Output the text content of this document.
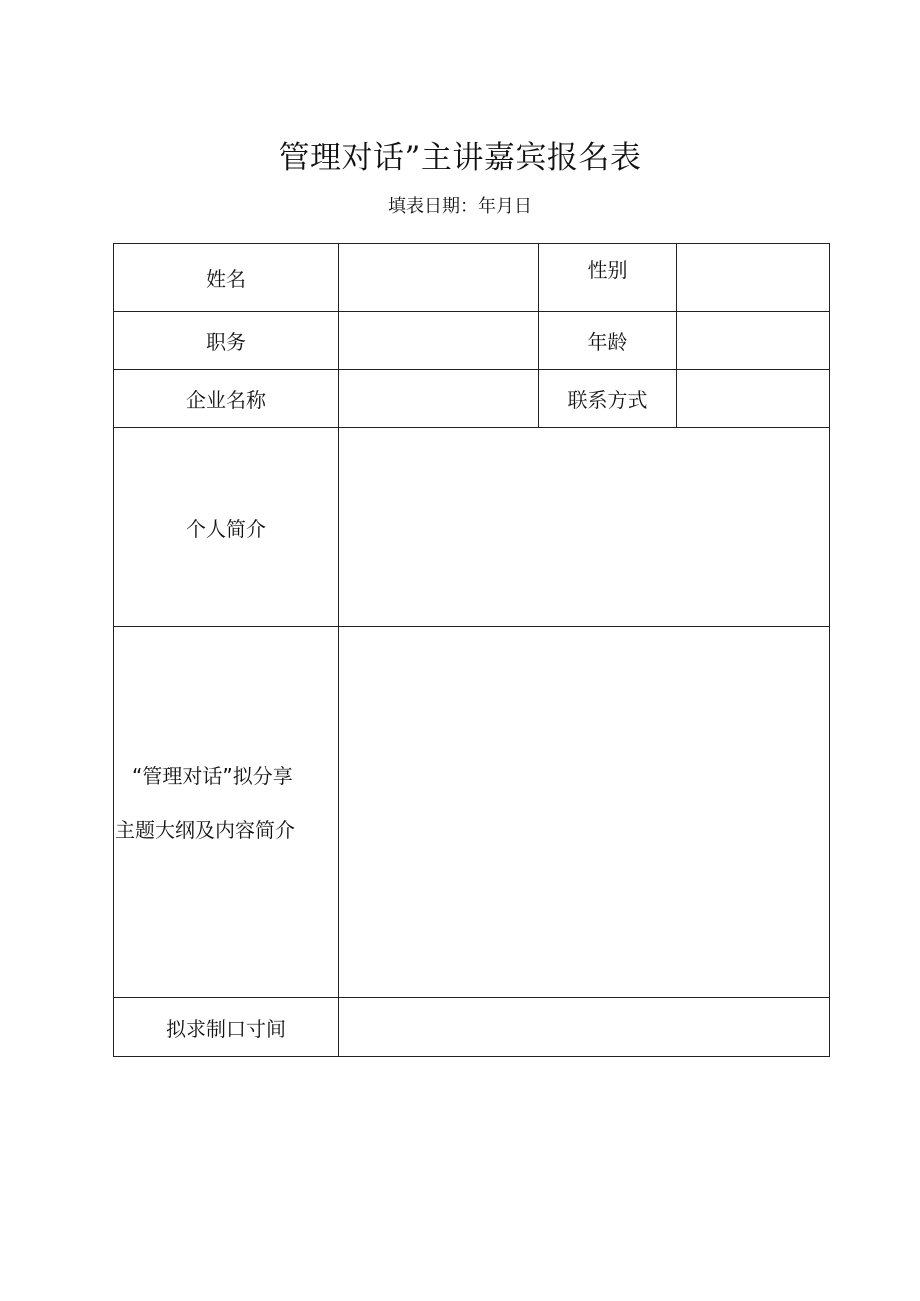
管理对话”主讲嘉宾报名表
填表日期：年月日
姓名		性别	
职务		年龄	
企业名称		联系方式	
个人简介			

“管理对话”拟分享
主题大纲及内容简介			

拟求制口寸间			
